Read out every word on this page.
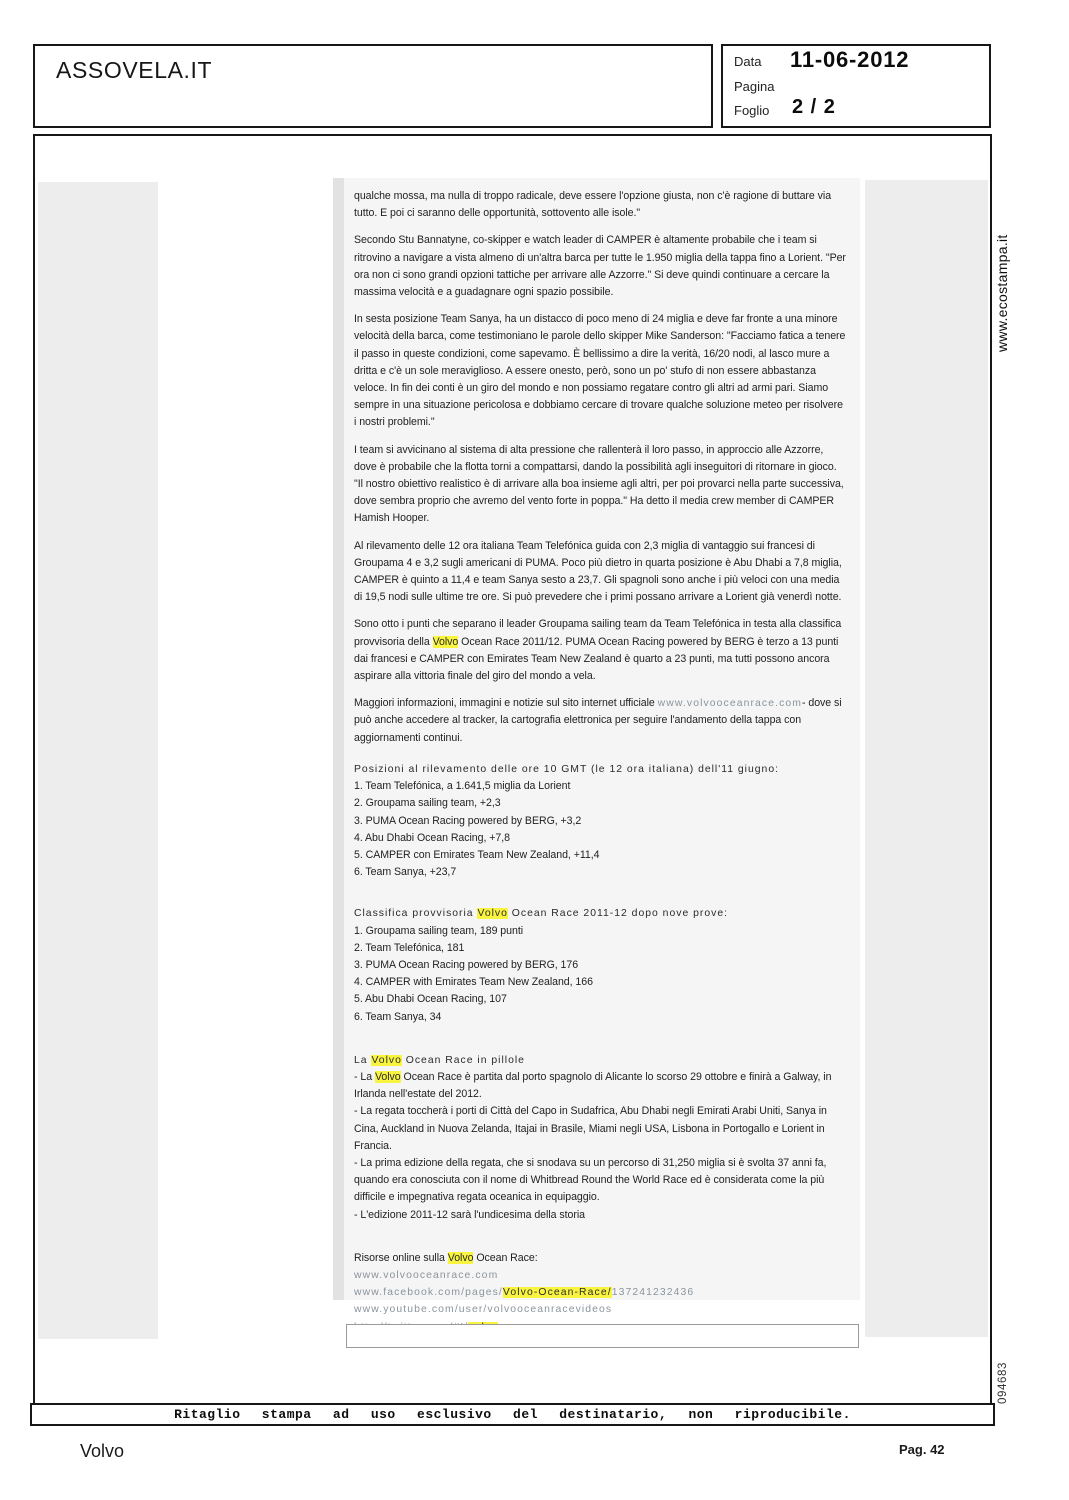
ASSOVELA.IT	Data 11-06-2012
Pagina
Foglio 2 / 2
www.ecostampa.it
094683

qualche mossa, ma nulla di troppo radicale, deve essere l'opzione giusta, non c'è ragione di buttare via tutto. E poi ci saranno delle opportunità, sottovento alle isole."

Secondo Stu Bannatyne, co-skipper e watch leader di CAMPER è altamente probabile che i team si ritrovino a navigare a vista almeno di un'altra barca per tutte le 1.950 miglia della tappa fino a Lorient. "Per ora non ci sono grandi opzioni tattiche per arrivare alle Azzorre." Si deve quindi continuare a cercare la massima velocità e a guadagnare ogni spazio possibile.

In sesta posizione Team Sanya, ha un distacco di poco meno di 24 miglia e deve far fronte a una minore velocità della barca, come testimoniano le parole dello skipper Mike Sanderson: "Facciamo fatica a tenere il passo in queste condizioni, come sapevamo. È bellissimo a dire la verità, 16/20 nodi, al lasco mure a dritta e c'è un sole meraviglioso. A essere onesto, però, sono un po' stufo di non essere abbastanza veloce. In fin dei conti è un giro del mondo e non possiamo regatare contro gli altri ad armi pari. Siamo sempre in una situazione pericolosa e dobbiamo cercare di trovare qualche soluzione meteo per risolvere i nostri problemi."

I team si avvicinano al sistema di alta pressione che rallenterà il loro passo, in approccio alle Azzorre, dove è probabile che la flotta torni a compattarsi, dando la possibilità agli inseguitori di ritornare in gioco. "Il nostro obiettivo realistico è di arrivare alla boa insieme agli altri, per poi provarci nella parte successiva, dove sembra proprio che avremo del vento forte in poppa." Ha detto il media crew member di CAMPER Hamish Hooper.

Al rilevamento delle 12 ora italiana Team Telefónica guida con 2,3 miglia di vantaggio sui francesi di Groupama 4 e 3,2 sugli americani di PUMA. Poco più dietro in quarta posizione è Abu Dhabi a 7,8 miglia, CAMPER è quinto a 11,4 e team Sanya sesto a 23,7. Gli spagnoli sono anche i più veloci con una media di 19,5 nodi sulle ultime tre ore. Si può prevedere che i primi possano arrivare a Lorient già venerdì notte.

Sono otto i punti che separano il leader Groupama sailing team da Team Telefónica in testa alla classifica provvisoria della Volvo Ocean Race 2011/12. PUMA Ocean Racing powered by BERG è terzo a 13 punti dai francesi e CAMPER con Emirates Team New Zealand è quarto a 23 punti, ma tutti possono ancora aspirare alla vittoria finale del giro del mondo a vela.

Maggiori informazioni, immagini e notizie sul sito internet ufficiale www.volvooceanrace.com- dove si può anche accedere al tracker, la cartografia elettronica per seguire l'andamento della tappa con aggiornamenti continui.

Posizioni al rilevamento delle ore 10 GMT (le 12 ora italiana) dell'11 giugno:
1. Team Telefónica, a 1.641,5 miglia da Lorient
2. Groupama sailing team, +2,3
3. PUMA Ocean Racing powered by BERG, +3,2
4. Abu Dhabi Ocean Racing, +7,8
5. CAMPER con Emirates Team New Zealand, +11,4
6. Team Sanya, +23,7
Classifica provvisoria Volvo Ocean Race 2011-12 dopo nove prove:
1. Groupama sailing team, 189 punti
2. Team Telefónica, 181
3. PUMA Ocean Racing powered by BERG, 176
4. CAMPER with Emirates Team New Zealand, 166
5. Abu Dhabi Ocean Racing, 107
6. Team Sanya, 34
La Volvo Ocean Race in pillole
- La Volvo Ocean Race è partita dal porto spagnolo di Alicante lo scorso 29 ottobre e finirà a Galway, in Irlanda nell'estate del 2012.
- La regata toccherà i porti di Città del Capo in Sudafrica, Abu Dhabi negli Emirati Arabi Uniti, Sanya in Cina, Auckland in Nuova Zelanda, Itajai in Brasile, Miami negli USA, Lisbona in Portogallo e Lorient in Francia.
- La prima edizione della regata, che si snodava su un percorso di 31,250 miglia si è svolta 37 anni fa, quando era conosciuta con il nome di Whitbread Round the World Race ed è considerata come la più difficile e impegnativa regata oceanica in equipaggio.
- L'edizione 2011-12 sarà l'undicesima della storia
Risorse online sulla Volvo Ocean Race:
www.volvooceanrace.com
www.facebook.com/pages/Volvo-Ocean-Race/137241232436
www.youtube.com/user/volvooceanracevideos
Ritaglio stampa ad uso esclusivo del destinatario, non riproducibile.
Volvo	Pag. 42
